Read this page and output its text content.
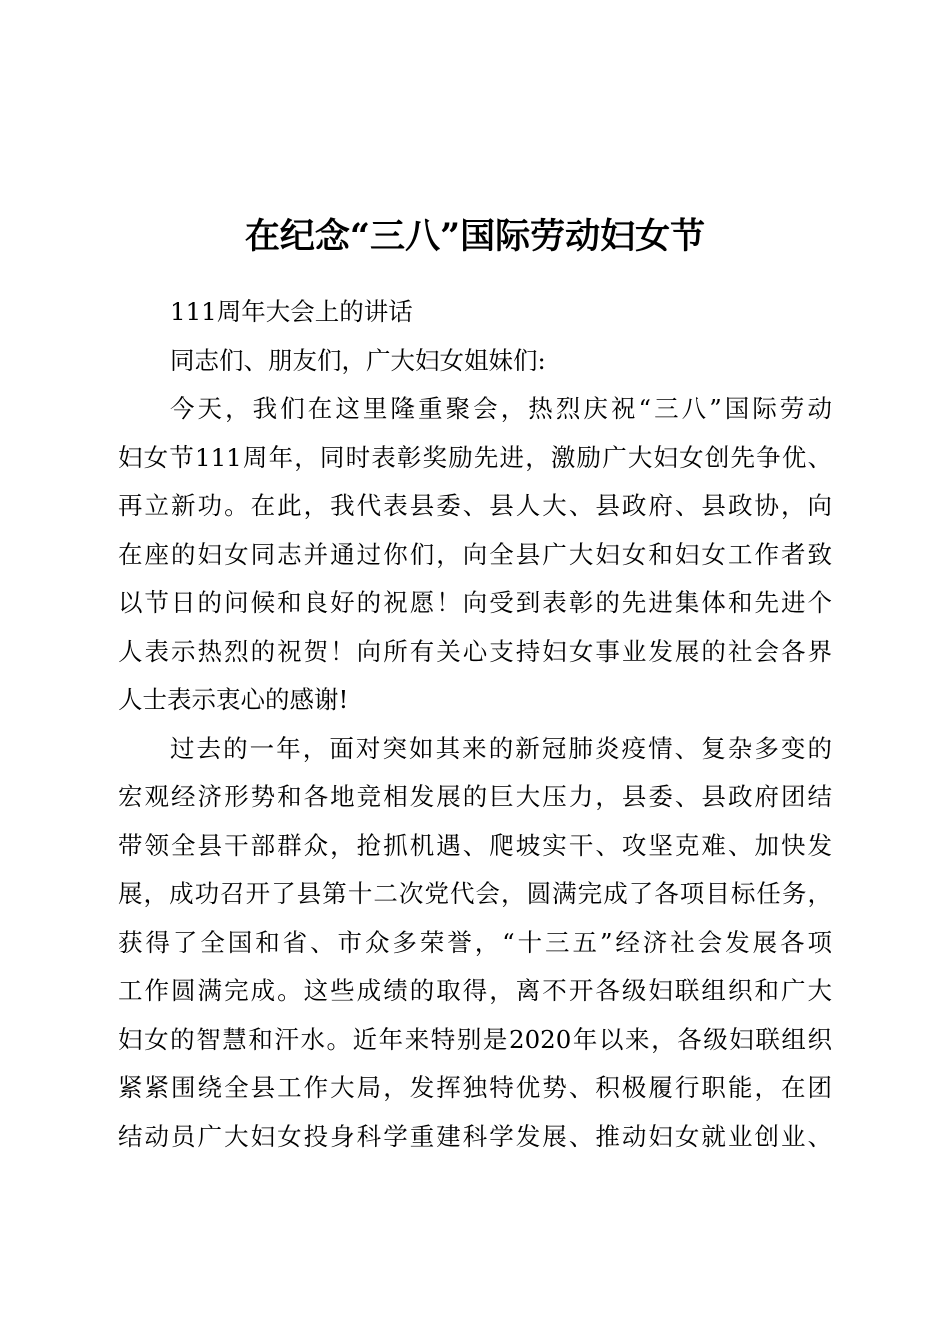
在纪念“三八”国际劳动妇女节
111周年大会上的讲话
同志们、朋友们，广大妇女姐妹们:
今天，我们在这里隆重聚会，热烈庆祝“三八”国际劳动
妇女节111周年，同时表彰奖励先进，激励广大妇女创先争优、
再立新功。在此，我代表县委、县人大、县政府、县政协，向
在座的妇女同志并通过你们，向全县广大妇女和妇女工作者致
以节日的问候和良好的祝愿！向受到表彰的先进集体和先进个
人表示热烈的祝贺！向所有关心支持妇女事业发展的社会各界
人士表示衷心的感谢!
过去的一年，面对突如其来的新冠肺炎疫情、复杂多变的
宏观经济形势和各地竞相发展的巨大压力，县委、县政府团结
带领全县干部群众，抢抓机遇、爬坡实干、攻坚克难、加快发
展，成功召开了县第十二次党代会，圆满完成了各项目标任务，
获得了全国和省、市众多荣誉，“十三五”经济社会发展各项
工作圆满完成。这些成绩的取得，离不开各级妇联组织和广大
妇女的智慧和汗水。近年来特别是2020年以来，各级妇联组织
紧紧围绕全县工作大局，发挥独特优势、积极履行职能，在团
结动员广大妇女投身科学重建科学发展、推动妇女就业创业、
